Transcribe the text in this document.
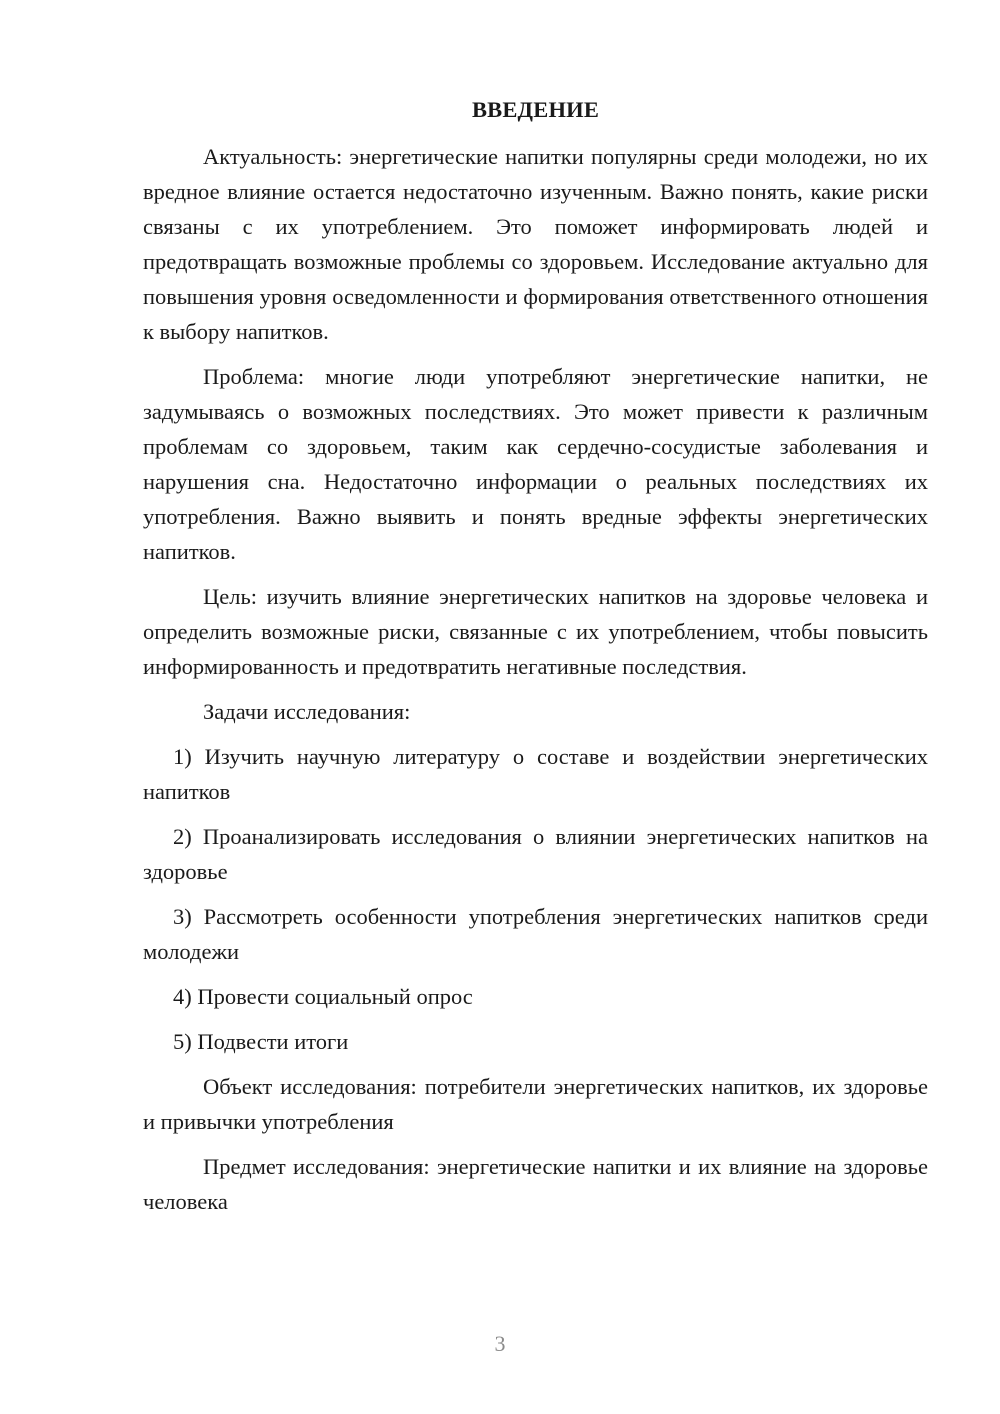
ВВЕДЕНИЕ

Актуальность: энергетические напитки популярны среди молодежи, но их вредное влияние остается недостаточно изученным. Важно понять, какие риски связаны с их употреблением. Это поможет информировать людей и предотвращать возможные проблемы со здоровьем. Исследование актуально для повышения уровня осведомленности и формирования ответственного отношения к выбору напитков.

Проблема: многие люди употребляют энергетические напитки, не задумываясь о возможных последствиях. Это может привести к различным проблемам со здоровьем, таким как сердечно-сосудистые заболевания и нарушения сна. Недостаточно информации о реальных последствиях их употребления. Важно выявить и понять вредные эффекты энергетических напитков.

Цель: изучить влияние энергетических напитков на здоровье человека и определить возможные риски, связанные с их употреблением, чтобы повысить информированность и предотвратить негативные последствия.

Задачи исследования:

1) Изучить научную литературу о составе и воздействии энергетических напитков

2) Проанализировать исследования о влиянии энергетических напитков на здоровье

3) Рассмотреть особенности употребления энергетических напитков среди молодежи

4) Провести социальный опрос

5) Подвести итоги

Объект исследования: потребители энергетических напитков, их здоровье и привычки употребления

Предмет исследования: энергетические напитки и их влияние на здоровье человека

3
